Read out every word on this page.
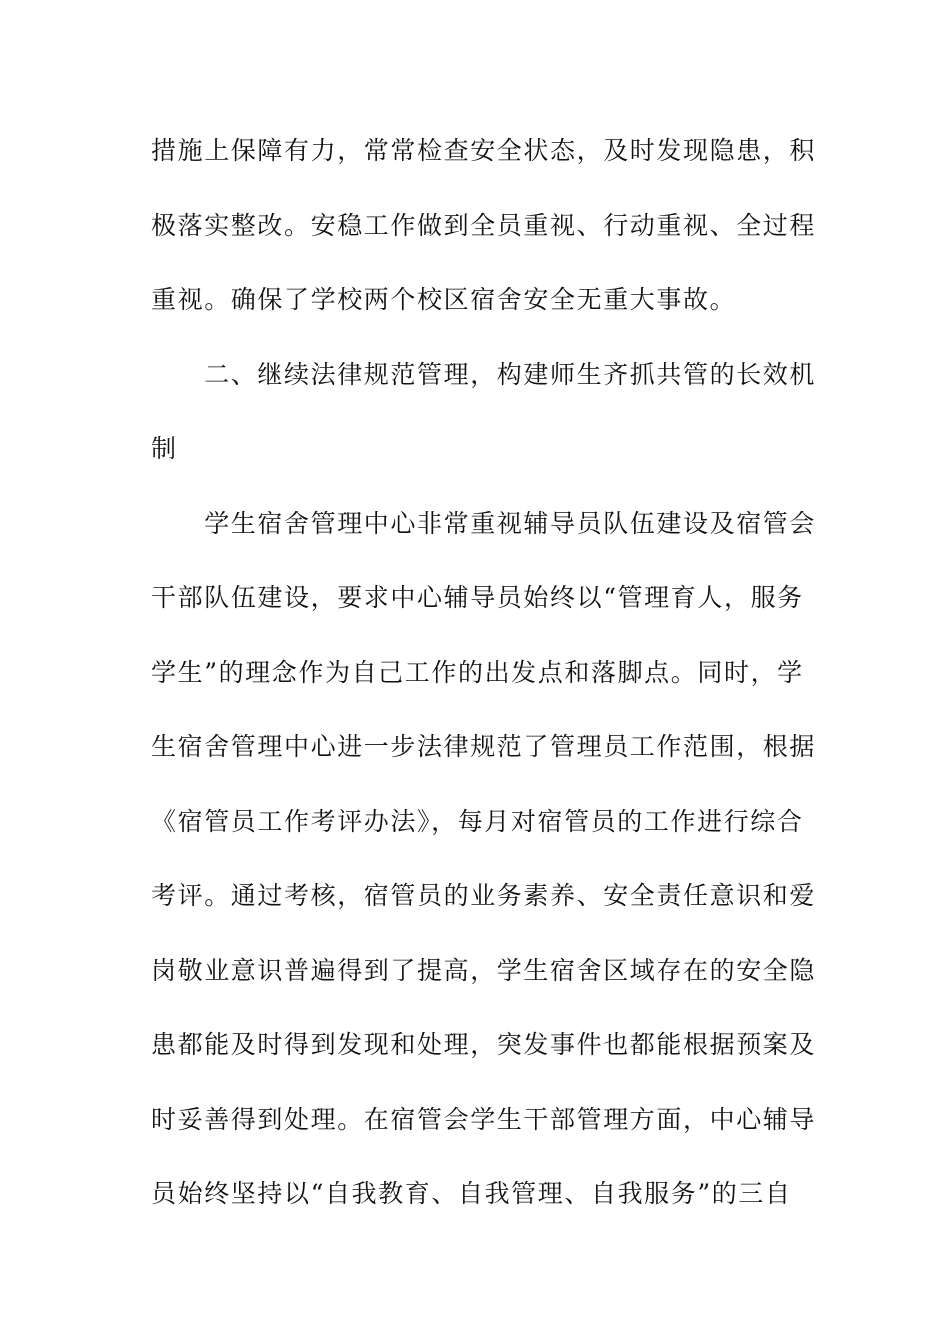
措施上保障有力，常常检查安全状态，及时发现隐患，积
极落实整改。安稳工作做到全员重视、行动重视、全过程
重视。确保了学校两个校区宿舍安全无重大事故。
　　二、继续法律规范管理，构建师生齐抓共管的长效机
制
　　学生宿舍管理中心非常重视辅导员队伍建设及宿管会
干部队伍建设，要求中心辅导员始终以“管理育人，服务
学生”的理念作为自己工作的出发点和落脚点。同时，学
生宿舍管理中心进一步法律规范了管理员工作范围，根据
《宿管员工作考评办法》，每月对宿管员的工作进行综合
考评。通过考核，宿管员的业务素养、安全责任意识和爱
岗敬业意识普遍得到了提高，学生宿舍区域存在的安全隐
患都能及时得到发现和处理，突发事件也都能根据预案及
时妥善得到处理。在宿管会学生干部管理方面，中心辅导
员始终坚持以“自我教育、自我管理、自我服务”的三自
